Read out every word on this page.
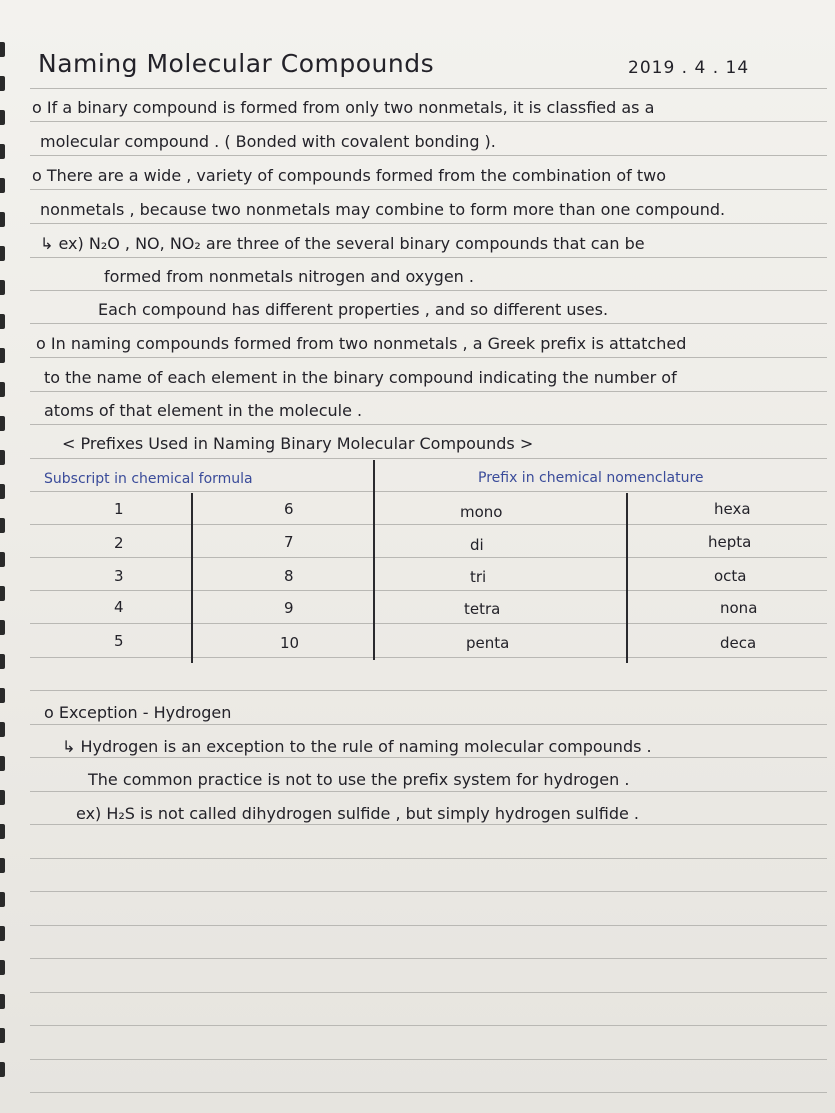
Naming Molecular Compounds	2019 . 4 . 14
o If a binary compound is formed from only two nonmetals, it is classfied as a
molecular compound . ( Bonded with covalent bonding ).
o There are a wide , variety of compounds formed from the combination of two
nonmetals , because two nonmetals may combine to form more than one compound.
↳ ex) N₂O , NO, NO₂ are three of the several binary compounds that can be
formed from nonmetals nitrogen and oxygen .
Each compound has different properties , and so different uses.
o In naming compounds formed from two nonmetals , a Greek prefix is attatched
to the name of each element in the binary compound indicating the number of
atoms of that element in the molecule .
< Prefixes Used in Naming Binary Molecular Compounds >
Subscript in chemical formula	Prefix in chemical nomenclature
1	6	mono	hexa
2	7	di	hepta
3	8	tri	octa
4	9	tetra	nona
5	10	penta	deca
o Exception - Hydrogen
↳ Hydrogen is an exception to the rule of naming molecular compounds .
The common practice is not to use the prefix system for hydrogen .
ex) H₂S is not called dihydrogen sulfide , but simply hydrogen sulfide .
